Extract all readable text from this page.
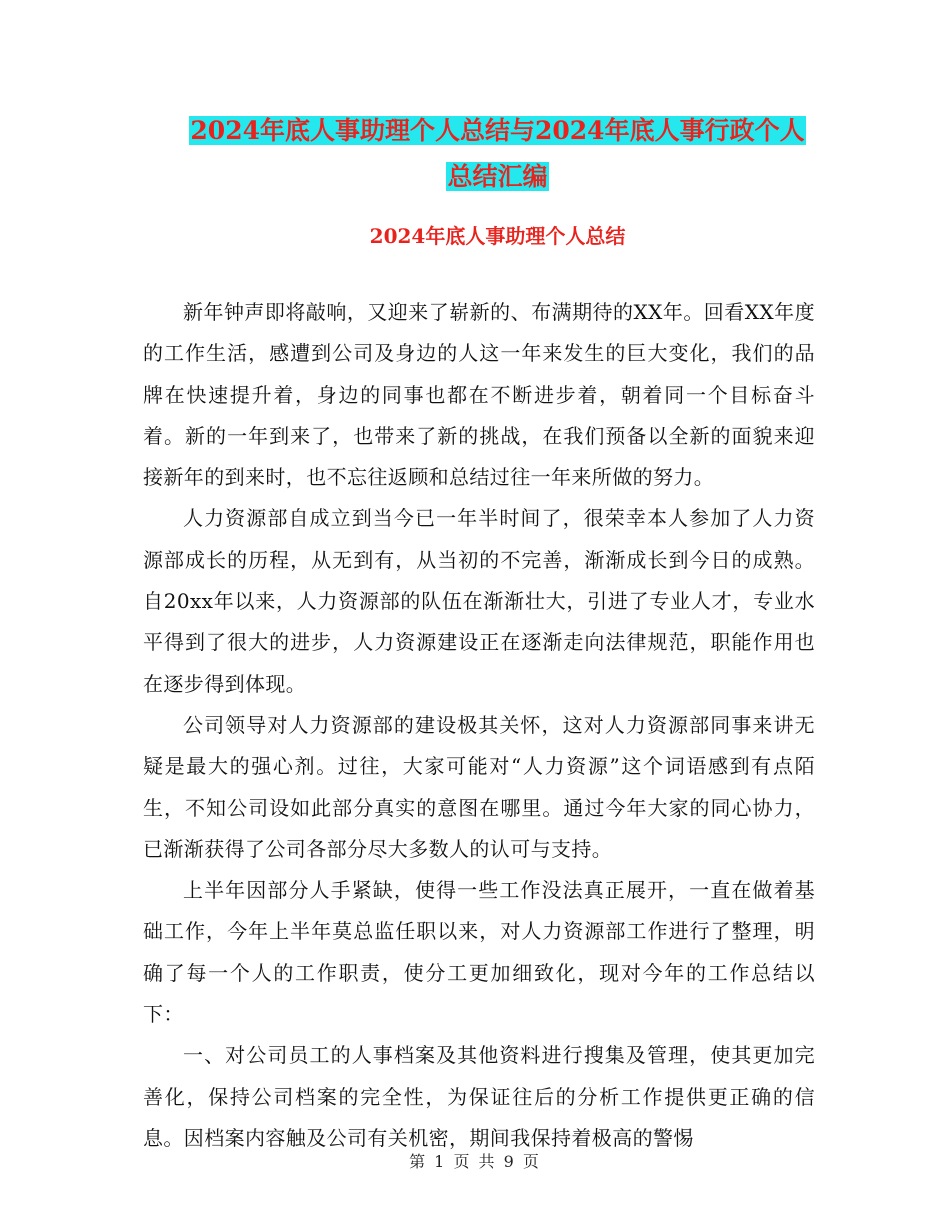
2024年底人事助理个人总结与2024年底人事行政个人
总结汇编
2024年底人事助理个人总结

新年钟声即将敲响，又迎来了崭新的、布满期待的XX年。回看XX年度的工作生活，感遭到公司及身边的人这一年来发生的巨大变化，我们的品牌在快速提升着，身边的同事也都在不断进步着，朝着同一个目标奋斗着。新的一年到来了，也带来了新的挑战，在我们预备以全新的面貌来迎接新年的到来时，也不忘往返顾和总结过往一年来所做的努力。

人力资源部自成立到当今已一年半时间了，很荣幸本人参加了人力资源部成长的历程，从无到有，从当初的不完善，渐渐成长到今日的成熟。自20xx年以来，人力资源部的队伍在渐渐壮大，引进了专业人才，专业水平得到了很大的进步，人力资源建设正在逐渐走向法律规范，职能作用也在逐步得到体现。

公司领导对人力资源部的建设极其关怀，这对人力资源部同事来讲无疑是最大的强心剂。过往，大家可能对“人力资源”这个词语感到有点陌生，不知公司设如此部分真实的意图在哪里。通过今年大家的同心协力，已渐渐获得了公司各部分尽大多数人的认可与支持。

上半年因部分人手紧缺，使得一些工作没法真正展开，一直在做着基础工作，今年上半年莫总监任职以来，对人力资源部工作进行了整理，明确了每一个人的工作职责，使分工更加细致化，现对今年的工作总结以下：

一、对公司员工的人事档案及其他资料进行搜集及管理，使其更加完善化，保持公司档案的完全性，为保证往后的分析工作提供更正确的信息。因档案内容触及公司有关机密，期间我保持着极高的警惕

第 1 页 共 9 页
